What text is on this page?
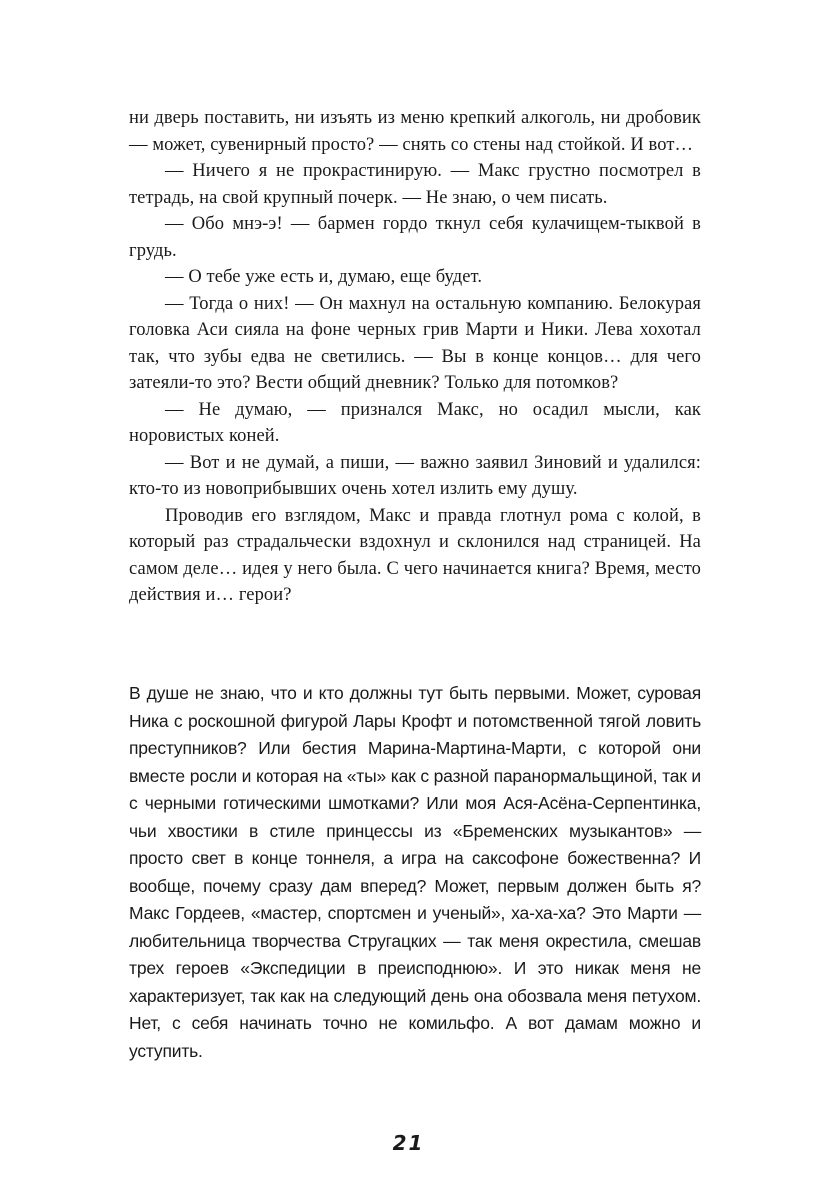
ни дверь поставить, ни изъять из меню крепкий алкоголь, ни дробовик — может, сувенирный просто? — снять со стены над стойкой. И вот…

— Ничего я не прокрастинирую. — Макс грустно посмотрел в тетрадь, на свой крупный почерк. — Не знаю, о чем писать.

— Обо мнэ-э! — бармен гордо ткнул себя кулачищем-тыквой в грудь.

— О тебе уже есть и, думаю, еще будет.

— Тогда о них! — Он махнул на остальную компанию. Белокурая головка Аси сияла на фоне черных грив Марти и Ники. Лева хохотал так, что зубы едва не светились. — Вы в конце концов… для чего затеяли-то это? Вести общий дневник? Только для потомков?

— Не думаю, — признался Макс, но осадил мысли, как норовистых коней.

— Вот и не думай, а пиши, — важно заявил Зиновий и удалился: кто-то из новоприбывших очень хотел излить ему душу.

Проводив его взглядом, Макс и правда глотнул рома с колой, в который раз страдальчески вздохнул и склонился над страницей. На самом деле… идея у него была. С чего начинается книга? Время, место действия и… герои?

В душе не знаю, что и кто должны тут быть первыми. Может, суровая Ника с роскошной фигурой Лары Крофт и потомственной тягой ловить преступников? Или бестия Марина-Мартина-Марти, с которой они вместе росли и которая на «ты» как с разной паранормальщиной, так и с черными готическими шмотками? Или моя Ася-Асёна-Серпентинка, чьи хвостики в стиле принцессы из «Бременских музыкантов» — просто свет в конце тоннеля, а игра на саксофоне божественна? И вообще, почему сразу дам вперед? Может, первым должен быть я? Макс Гордеев, «мастер, спортсмен и ученый», ха-ха-ха? Это Марти — любительница творчества Стругацких — так меня окрестила, смешав трех героев «Экспедиции в преисподнюю». И это никак меня не характеризует, так как на следующий день она обозвала меня петухом. Нет, с себя начинать точно не комильфо. А вот дамам можно и уступить.

21
